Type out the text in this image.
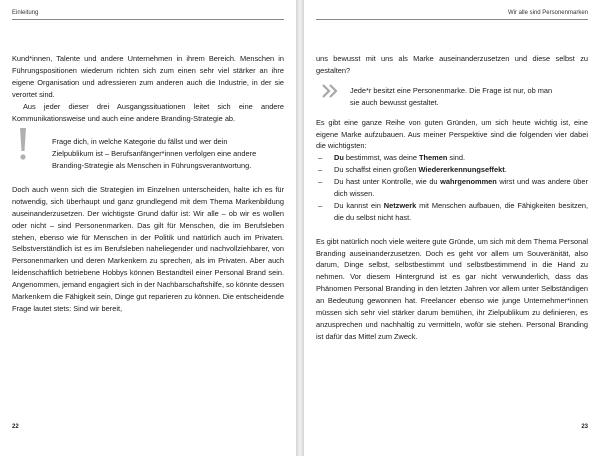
Einleitung

Kund*innen, Talente und andere Unternehmen in ihrem Bereich. Menschen in Führungspositionen wiederum richten sich zum einen sehr viel stärker an ihre eigene Organisation und adressieren zum anderen auch die Industrie, in der sie verortet sind.

Aus jeder dieser drei Ausgangssituationen leitet sich eine andere Kommunikationsweise und auch eine andere Branding-Strategie ab.

Frage dich, in welche Kategorie du fällst und wer dein Zielpublikum ist – Berufsanfänger*innen verfolgen eine andere Branding-Strategie als Menschen in Führungsverantwortung.

Doch auch wenn sich die Strategien im Einzelnen unterscheiden, halte ich es für notwendig, sich überhaupt und ganz grundlegend mit dem Thema Markenbildung auseinanderzusetzen. Der wichtigste Grund dafür ist: Wir alle – ob wir es wollen oder nicht – sind Personenmarken. Das gilt für Menschen, die im Berufsleben stehen, ebenso wie für Menschen in der Politik und natürlich auch im Privaten. Selbstverständlich ist es im Berufsleben naheliegender und nachvollziehbarer, von Personenmarken und deren Markenkern zu sprechen, als im Privaten. Aber auch leidenschaftlich betriebene Hobbys können Bestandteil einer Personal Brand sein. Angenommen, jemand engagiert sich in der Nachbarschaftshilfe, so könnte dessen Markenkern die Fähigkeit sein, Dinge gut reparieren zu können. Die entscheidende Frage lautet stets: Sind wir bereit,

22
Wir alle sind Personenmarken

uns bewusst mit uns als Marke auseinanderzusetzen und diese selbst zu gestalten?

Jede*r besitzt eine Personenmarke. Die Frage ist nur, ob man sie auch bewusst gestaltet.

Es gibt eine ganze Reihe von guten Gründen, um sich heute wichtig ist, eine eigene Marke aufzubauen. Aus meiner Perspektive sind die folgenden vier dabei die wichtigsten:

– Du bestimmst, was deine Themen sind.
– Du schaffst einen großen Wiedererkennungseffekt.
– Du hast unter Kontrolle, wie du wahrgenommen wirst und was andere über dich wissen.
– Du kannst ein Netzwerk mit Menschen aufbauen, die Fähigkeiten besitzen, die du selbst nicht hast.

Es gibt natürlich noch viele weitere gute Gründe, um sich mit dem Thema Personal Branding auseinanderzusetzen. Doch es geht vor allem um Souveränität, also darum, Dinge selbst, selbstbestimmt und selbstbestimmend in die Hand zu nehmen. Vor diesem Hintergrund ist es gar nicht verwunderlich, dass das Phänomen Personal Branding in den letzten Jahren vor allem unter Selbständigen an Bedeutung gewonnen hat. Freelancer ebenso wie junge Unternehmer*innen müssen sich sehr viel stärker darum bemühen, ihr Zielpublikum zu definieren, es anzusprechen und nachhaltig zu vermitteln, wofür sie stehen. Personal Branding ist dafür das Mittel zum Zweck.

23
